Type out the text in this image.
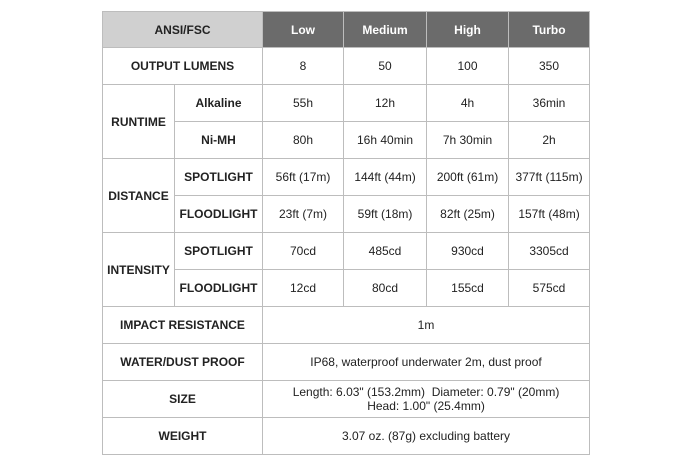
ANSI/FSC		Low	Medium	High	Turbo
OUTPUT LUMENS		8	50	100	350
RUNTIME	Alkaline	55h	12h	4h	36min
	Ni-MH	80h	16h 40min	7h 30min	2h
DISTANCE	SPOTLIGHT	56ft (17m)	144ft (44m)	200ft (61m)	377ft (115m)
	FLOODLIGHT	23ft (7m)	59ft (18m)	82ft (25m)	157ft (48m)
INTENSITY	SPOTLIGHT	70cd	485cd	930cd	3305cd
	FLOODLIGHT	12cd	80cd	155cd	575cd
IMPACT RESISTANCE		1m			
WATER/DUST PROOF		IP68, waterproof underwater 2m, dust proof			
SIZE		Length: 6.03" (153.2mm)  Diameter: 0.79" (20mm)
Head: 1.00" (25.4mm)			

WEIGHT		3.07 oz. (87g) excluding battery			
